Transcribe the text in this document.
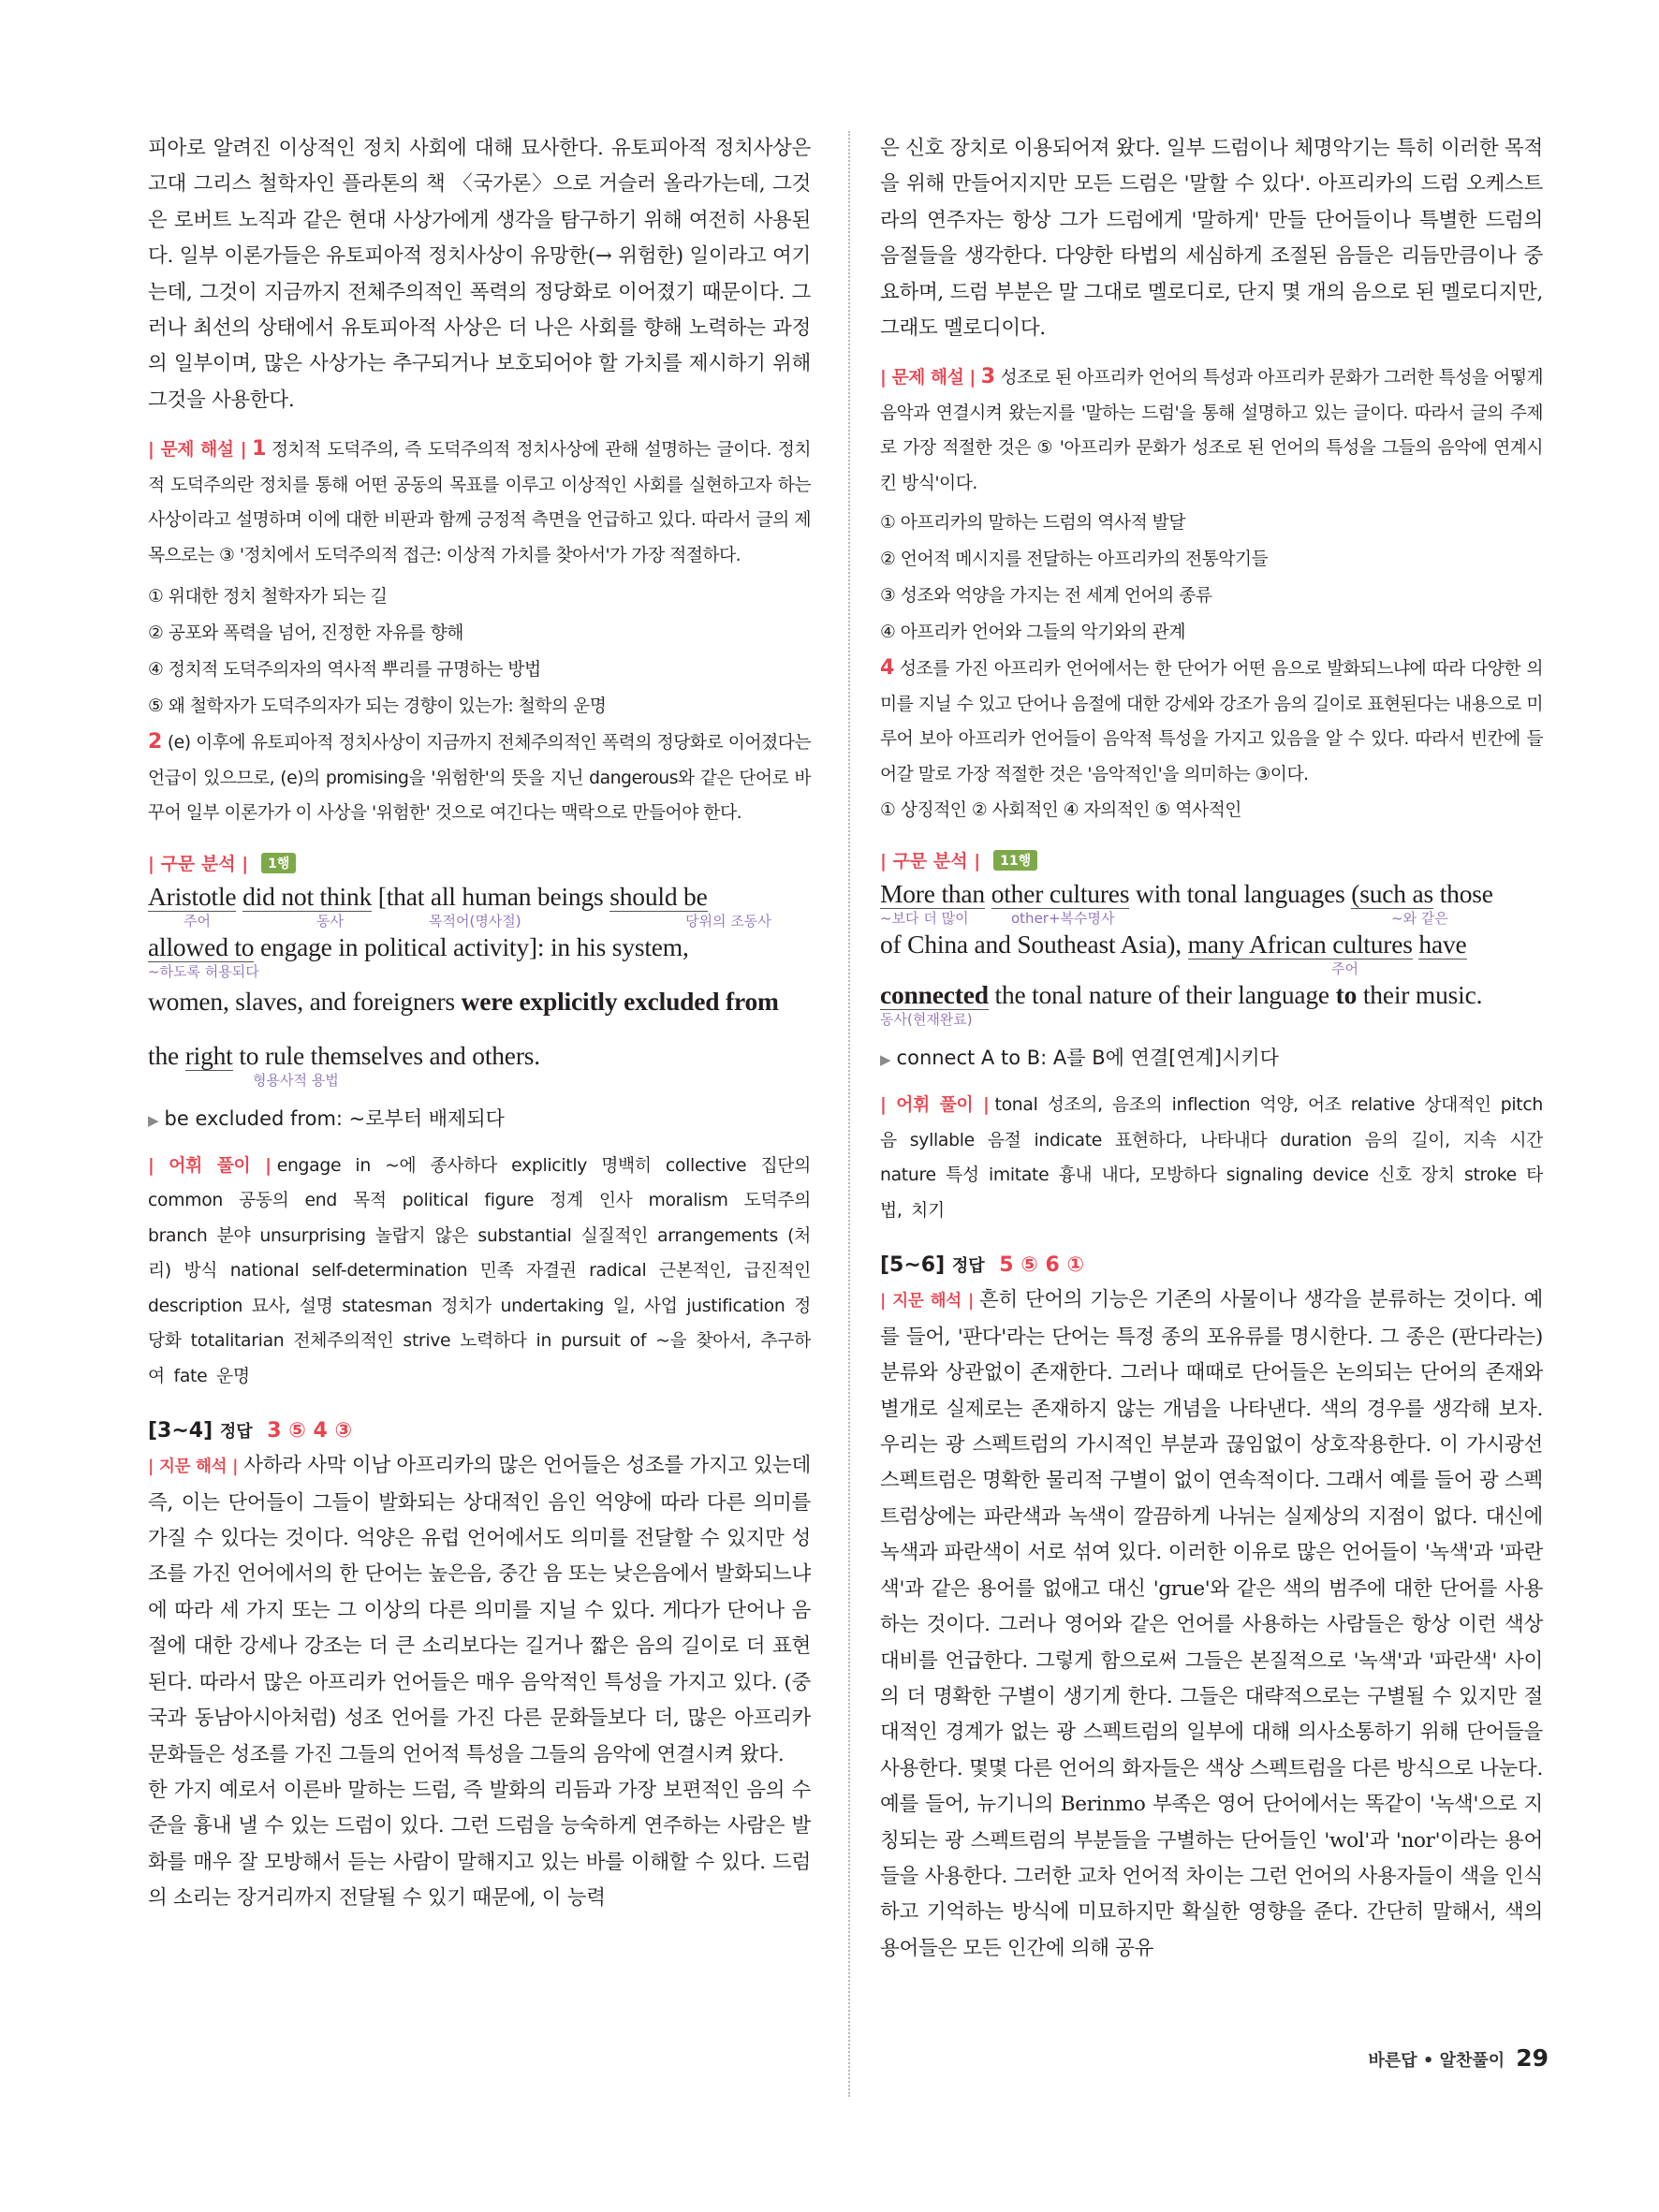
피아로 알려진 이상적인 정치 사회에 대해 묘사한다. 유토피아적 정치사상은 고대 그리스 철학자인 플라톤의 책 〈국가론〉으로 거슬러 올라가는데, 그것은 로버트 노직과 같은 현대 사상가에게 생각을 탐구하기 위해 여전히 사용된다. 일부 이론가들은 유토피아적 정치사상이 유망한(→ 위험한) 일이라고 여기는데, 그것이 지금까지 전체주의적인 폭력의 정당화로 이어졌기 때문이다. 그러나 최선의 상태에서 유토피아적 사상은 더 나은 사회를 향해 노력하는 과정의 일부이며, 많은 사상가는 추구되거나 보호되어야 할 가치를 제시하기 위해 그것을 사용한다.

| 문제 해설 | 1 정치적 도덕주의, 즉 도덕주의적 정치사상에 관해 설명하는 글이다. 정치적 도덕주의란 정치를 통해 어떤 공동의 목표를 이루고 이상적인 사회를 실현하고자 하는 사상이라고 설명하며 이에 대한 비판과 함께 긍정적 측면을 언급하고 있다. 따라서 글의 제목으로는 ③ '정치에서 도덕주의적 접근: 이상적 가치를 찾아서'가 가장 적절하다.

① 위대한 정치 철학자가 되는 길

② 공포와 폭력을 넘어, 진정한 자유를 향해

④ 정치적 도덕주의자의 역사적 뿌리를 규명하는 방법

⑤ 왜 철학자가 도덕주의자가 되는 경향이 있는가: 철학의 운명

2 (e) 이후에 유토피아적 정치사상이 지금까지 전체주의적인 폭력의 정당화로 이어졌다는 언급이 있으므로, (e)의 promising을 '위험한'의 뜻을 지닌 dangerous와 같은 단어로 바꾸어 일부 이론가가 이 사상을 '위험한' 것으로 여긴다는 맥락으로 만들어야 한다.

| 구문 분석 | 1행

Aristotle did not think [that all human beings should be

주어	동사	목적어(명사절)	당위의 조동사

allowed to engage in political activity]: in his system,

~하도록 허용되다

women, slaves, and foreigners were explicitly excluded from

the right to rule themselves and others.

형용사적 용법

▶ be excluded from: ~로부터 배제되다

| 어휘 풀이 | engage in ~에 종사하다 explicitly 명백히 collective 집단의 common 공동의 end 목적 political figure 정계 인사 moralism 도덕주의 branch 분야 unsurprising 놀랍지 않은 substantial 실질적인 arrangements (처리) 방식 national self-determination 민족 자결권 radical 근본적인, 급진적인 description 묘사, 설명 statesman 정치가 undertaking 일, 사업 justification 정당화 totalitarian 전체주의적인 strive 노력하다 in pursuit of ~을 찾아서, 추구하여 fate 운명

[3~4] 정답 3 ⑤ 4 ③

| 지문 해석 | 사하라 사막 이남 아프리카의 많은 언어들은 성조를 가지고 있는데 즉, 이는 단어들이 그들이 발화되는 상대적인 음인 억양에 따라 다른 의미를 가질 수 있다는 것이다. 억양은 유럽 언어에서도 의미를 전달할 수 있지만 성조를 가진 언어에서의 한 단어는 높은음, 중간 음 또는 낮은음에서 발화되느냐에 따라 세 가지 또는 그 이상의 다른 의미를 지닐 수 있다. 게다가 단어나 음절에 대한 강세나 강조는 더 큰 소리보다는 길거나 짧은 음의 길이로 더 표현된다. 따라서 많은 아프리카 언어들은 매우 음악적인 특성을 가지고 있다. (중국과 동남아시아처럼) 성조 언어를 가진 다른 문화들보다 더, 많은 아프리카 문화들은 성조를 가진 그들의 언어적 특성을 그들의 음악에 연결시켜 왔다.

한 가지 예로서 이른바 말하는 드럼, 즉 발화의 리듬과 가장 보편적인 음의 수준을 흉내 낼 수 있는 드럼이 있다. 그런 드럼을 능숙하게 연주하는 사람은 발화를 매우 잘 모방해서 듣는 사람이 말해지고 있는 바를 이해할 수 있다. 드럼의 소리는 장거리까지 전달될 수 있기 때문에, 이 능력

은 신호 장치로 이용되어져 왔다. 일부 드럼이나 체명악기는 특히 이러한 목적을 위해 만들어지지만 모든 드럼은 '말할 수 있다'. 아프리카의 드럼 오케스트라의 연주자는 항상 그가 드럼에게 '말하게' 만들 단어들이나 특별한 드럼의 음절들을 생각한다. 다양한 타법의 세심하게 조절된 음들은 리듬만큼이나 중요하며, 드럼 부분은 말 그대로 멜로디로, 단지 몇 개의 음으로 된 멜로디지만, 그래도 멜로디이다.

| 문제 해설 | 3 성조로 된 아프리카 언어의 특성과 아프리카 문화가 그러한 특성을 어떻게 음악과 연결시켜 왔는지를 '말하는 드럼'을 통해 설명하고 있는 글이다. 따라서 글의 주제로 가장 적절한 것은 ⑤ '아프리카 문화가 성조로 된 언어의 특성을 그들의 음악에 연계시킨 방식'이다.

① 아프리카의 말하는 드럼의 역사적 발달

② 언어적 메시지를 전달하는 아프리카의 전통악기들

③ 성조와 억양을 가지는 전 세계 언어의 종류

④ 아프리카 언어와 그들의 악기와의 관계

4 성조를 가진 아프리카 언어에서는 한 단어가 어떤 음으로 발화되느냐에 따라 다양한 의미를 지닐 수 있고 단어나 음절에 대한 강세와 강조가 음의 길이로 표현된다는 내용으로 미루어 보아 아프리카 언어들이 음악적 특성을 가지고 있음을 알 수 있다. 따라서 빈칸에 들어갈 말로 가장 적절한 것은 '음악적인'을 의미하는 ③이다.

① 상징적인 ② 사회적인 ④ 자의적인 ⑤ 역사적인

| 구문 분석 | 11행

More than other cultures with tonal languages (such as those

~보다 더 많이	other+복수명사	~와 같은

of China and Southeast Asia), many African cultures have

주어

connected the tonal nature of their language to their music.

동사(현재완료)

▶ connect A to B: A를 B에 연결[연계]시키다

| 어휘 풀이 | tonal 성조의, 음조의 inflection 억양, 어조 relative 상대적인 pitch 음 syllable 음절 indicate 표현하다, 나타내다 duration 음의 길이, 지속 시간 nature 특성 imitate 흉내 내다, 모방하다 signaling device 신호 장치 stroke 타법, 치기

[5~6] 정답 5 ⑤ 6 ①

| 지문 해석 | 흔히 단어의 기능은 기존의 사물이나 생각을 분류하는 것이다. 예를 들어, '판다'라는 단어는 특정 종의 포유류를 명시한다. 그 종은 (판다라는) 분류와 상관없이 존재한다. 그러나 때때로 단어들은 논의되는 단어의 존재와 별개로 실제로는 존재하지 않는 개념을 나타낸다. 색의 경우를 생각해 보자. 우리는 광 스펙트럼의 가시적인 부분과 끊임없이 상호작용한다. 이 가시광선 스펙트럼은 명확한 물리적 구별이 없이 연속적이다. 그래서 예를 들어 광 스펙트럼상에는 파란색과 녹색이 깔끔하게 나뉘는 실제상의 지점이 없다. 대신에 녹색과 파란색이 서로 섞여 있다. 이러한 이유로 많은 언어들이 '녹색'과 '파란색'과 같은 용어를 없애고 대신 'grue'와 같은 색의 범주에 대한 단어를 사용하는 것이다. 그러나 영어와 같은 언어를 사용하는 사람들은 항상 이런 색상 대비를 언급한다. 그렇게 함으로써 그들은 본질적으로 '녹색'과 '파란색' 사이의 더 명확한 구별이 생기게 한다. 그들은 대략적으로는 구별될 수 있지만 절대적인 경계가 없는 광 스펙트럼의 일부에 대해 의사소통하기 위해 단어들을 사용한다. 몇몇 다른 언어의 화자들은 색상 스펙트럼을 다른 방식으로 나눈다. 예를 들어, 뉴기니의 Berinmo 부족은 영어 단어에서는 똑같이 '녹색'으로 지칭되는 광 스펙트럼의 부분들을 구별하는 단어들인 'wol'과 'nor'이라는 용어들을 사용한다. 그러한 교차 언어적 차이는 그런 언어의 사용자들이 색을 인식하고 기억하는 방식에 미묘하지만 확실한 영향을 준다. 간단히 말해서, 색의 용어들은 모든 인간에 의해 공유

바른답 • 알찬풀이 29
